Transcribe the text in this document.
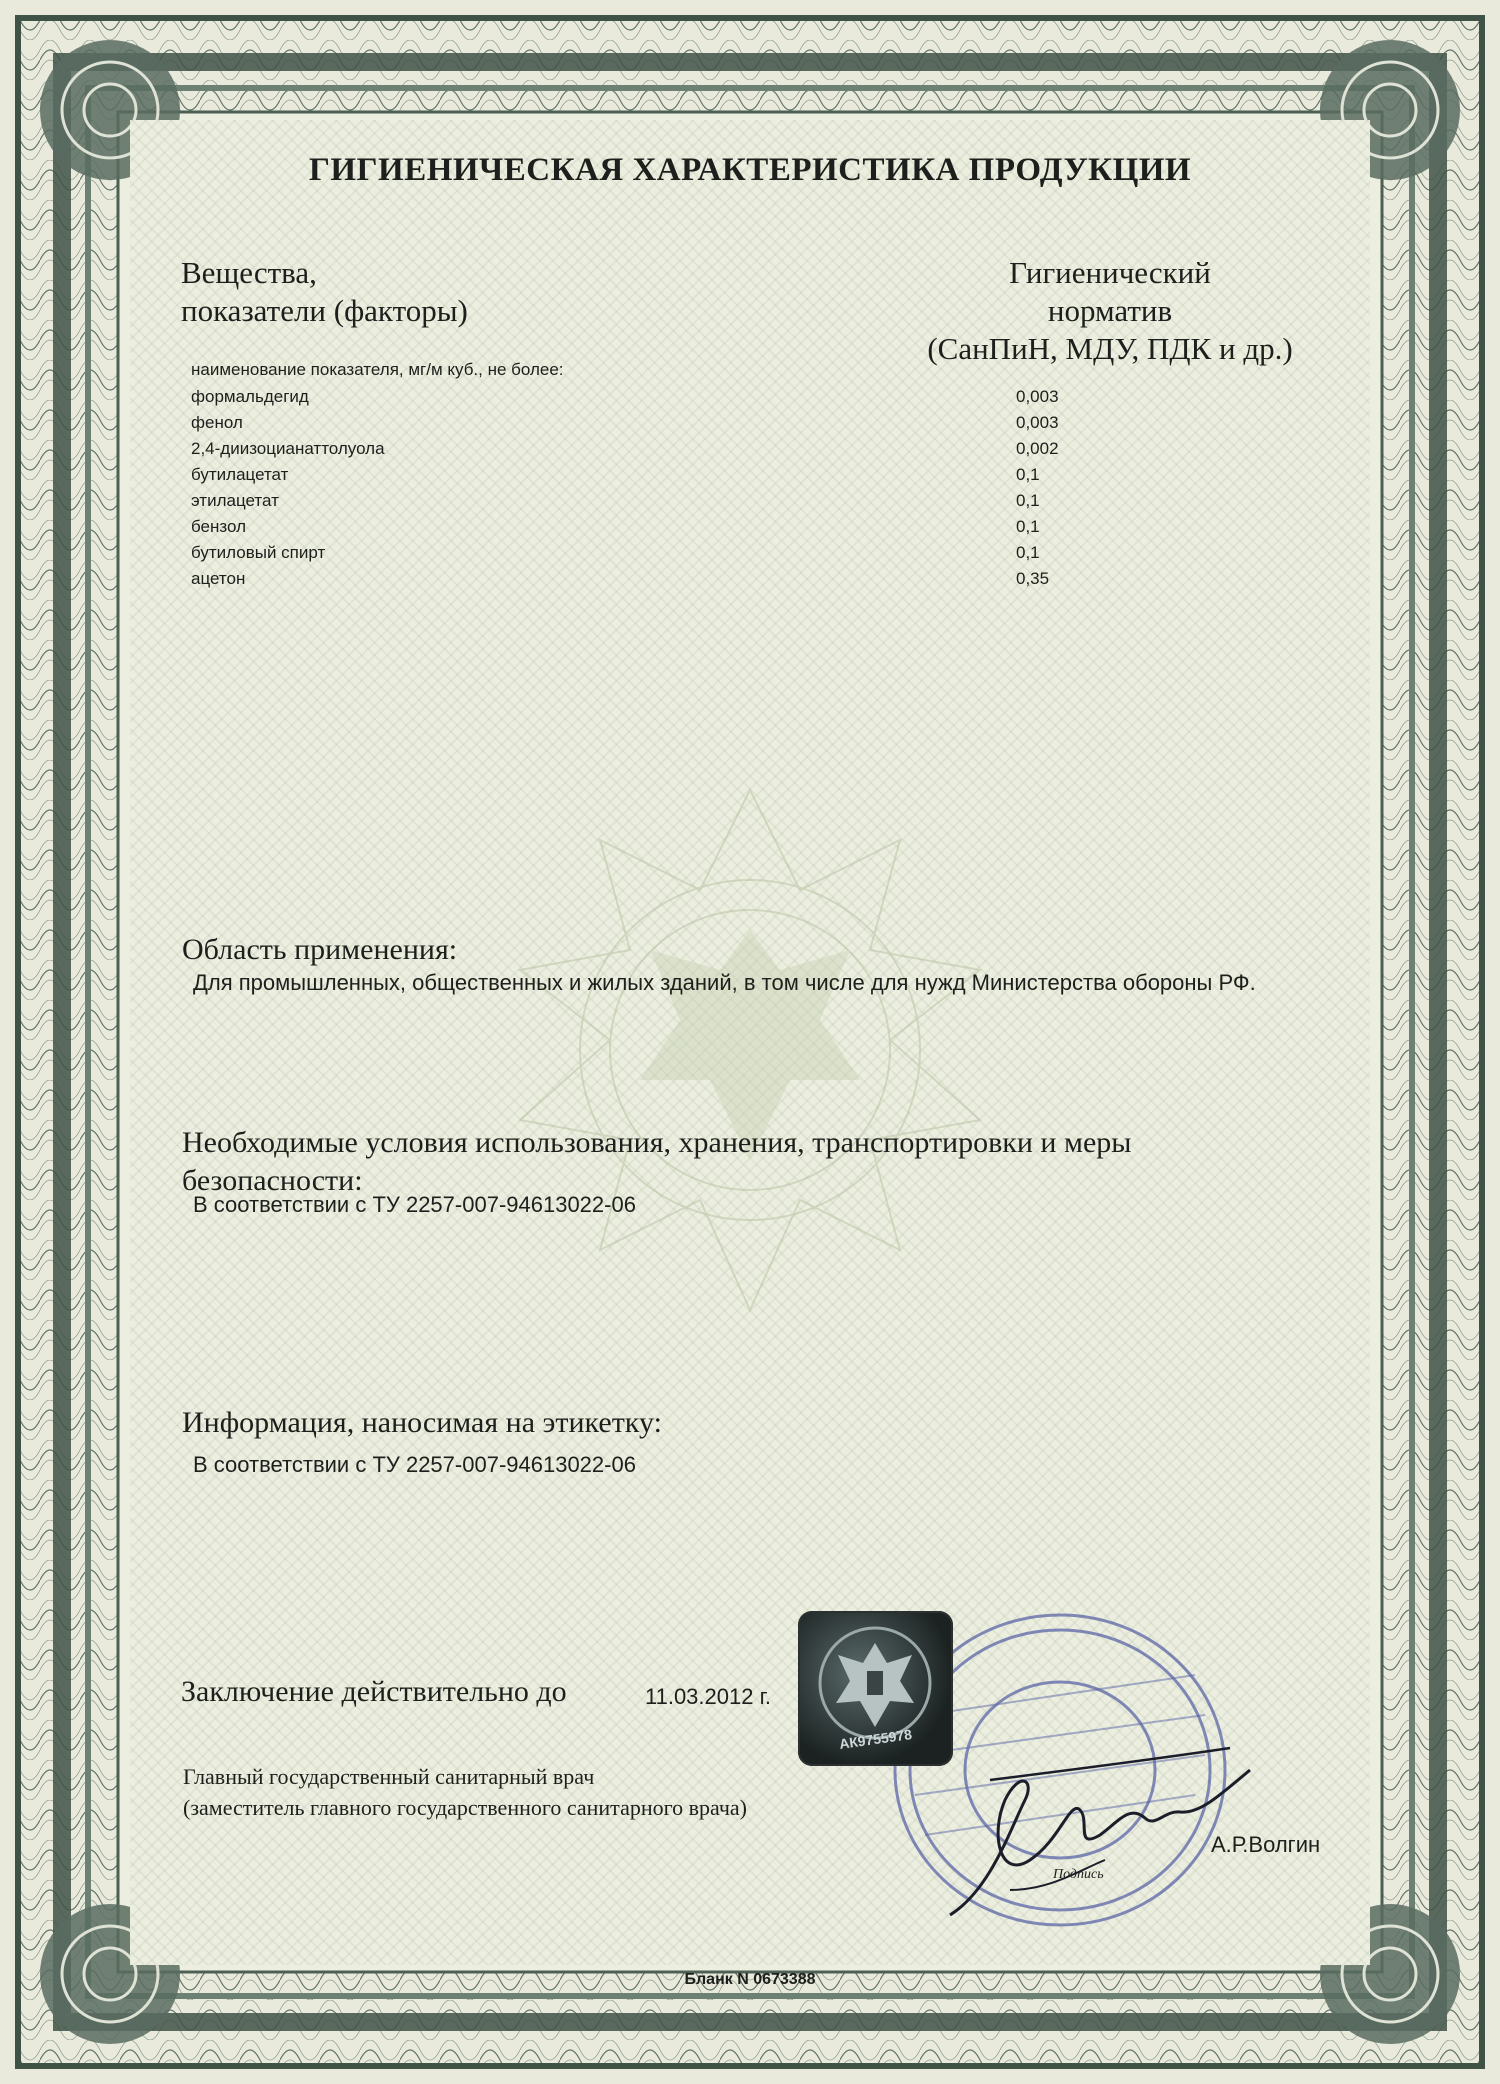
ГИГИЕНИЧЕСКАЯ ХАРАКТЕРИСТИКА ПРОДУКЦИИ
Вещества,
показатели (факторы)
Гигиенический
норматив
(СанПиН, МДУ, ПДК и др.)
наименование показателя, мг/м куб., не более:
формальдегид	0,003
фенол	0,003
2,4-диизоцианаттолуола	0,002
бутилацетат	0,1
этилацетат	0,1
бензол	0,1
бутиловый спирт	0,1
ацетон	0,35
Область применения:
Для промышленных, общественных и жилых зданий, в том числе для нужд Министерства обороны РФ.
Необходимые условия использования, хранения, транспортировки и меры
безопасности:
В соответствии с ТУ 2257-007-94613022-06
Информация, наносимая на этикетку:
В соответствии с ТУ 2257-007-94613022-06
АК9755978
Заключение действительно до	11.03.2012 г.
Главный государственный санитарный врач
(заместитель главного государственного санитарного врача)
Подпись
А.Р.Волгин
Бланк N 0673388
